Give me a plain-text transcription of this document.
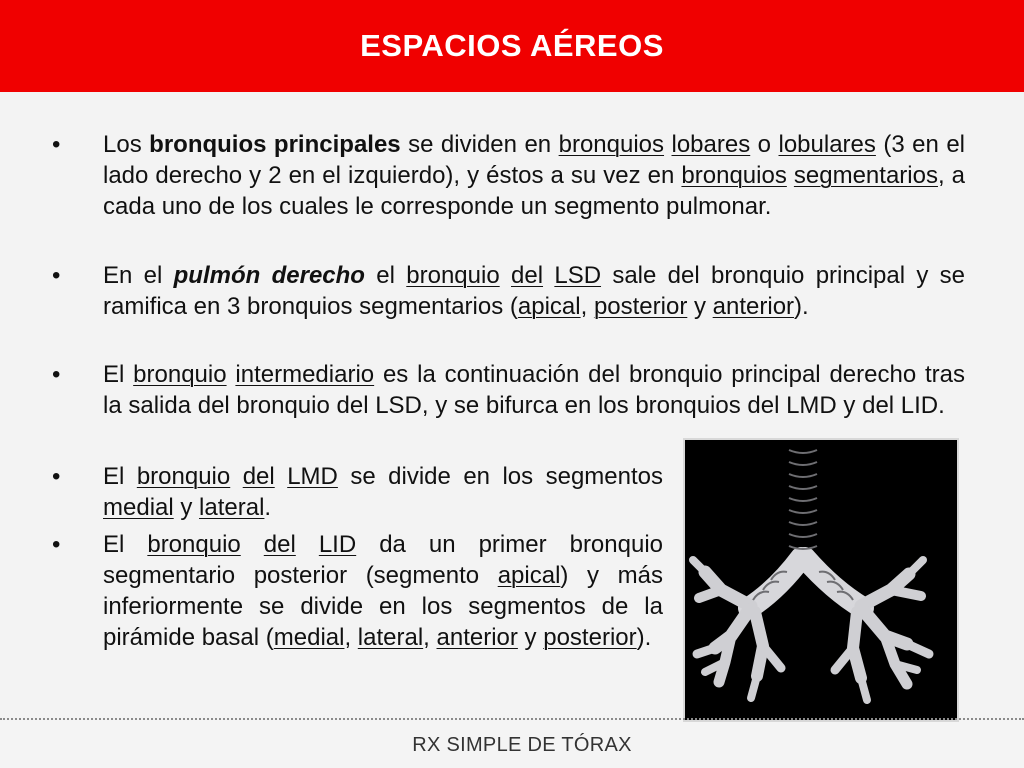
ESPACIOS AÉREOS
• Los bronquios principales se dividen en bronquios lobares o lobulares (3 en el lado derecho y 2 en el izquierdo), y éstos a su vez en bronquios segmentarios, a cada uno de los cuales le corresponde un segmento pulmonar.
• En el pulmón derecho el bronquio del LSD sale del bronquio principal y se ramifica en 3 bronquios segmentarios (apical, posterior y anterior).
• El bronquio intermediario es la continuación del bronquio principal derecho tras la salida del bronquio del LSD, y se bifurca en los bronquios del LMD y del LID.
• El bronquio del LMD se divide en los segmentos medial y lateral.
• El bronquio del LID da un primer bronquio segmentario posterior (segmento apical) y más inferiormente se divide en los segmentos de la pirámide basal (medial, lateral, anterior y posterior).
RX SIMPLE DE TÓRAX
